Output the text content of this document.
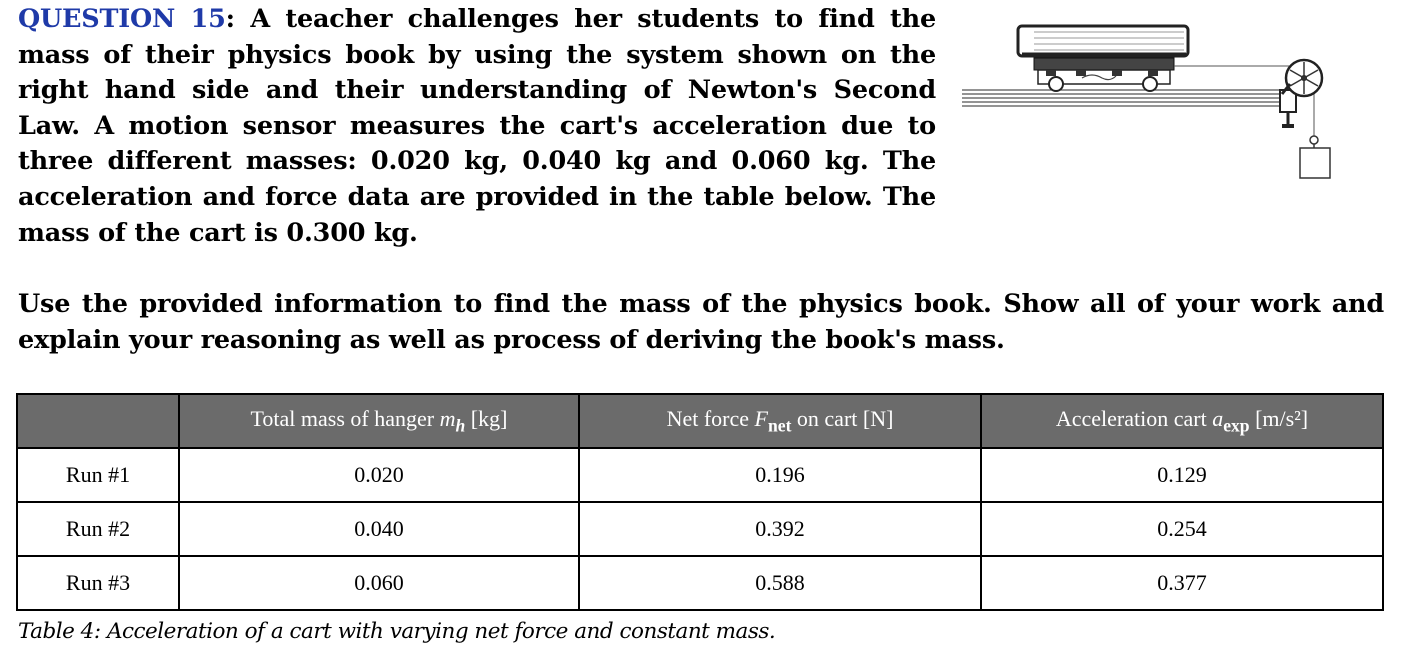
QUESTION 15: A teacher challenges her students to find the mass of their physics book by using the system shown on the right hand side and their understanding of Newton's Second Law. A motion sensor measures the cart's acceleration due to three different masses: 0.020 kg, 0.040 kg and 0.060 kg. The acceleration and force data are provided in the table below. The mass of the cart is 0.300 kg.
Use the provided information to find the mass of the physics book. Show all of your work and explain your reasoning as well as process of deriving the book's mass.
	Total mass of hanger $m_h$ [kg]	Net force $F_{net}$ on cart [N]	Acceleration cart $a_{exp}$ [m/s²]

Run #1	0.020	0.196	0.129

Run #2	0.040	0.392	0.254

Run #3	0.060	0.588	0.377
Table 4: Acceleration of a cart with varying net force and constant mass.
